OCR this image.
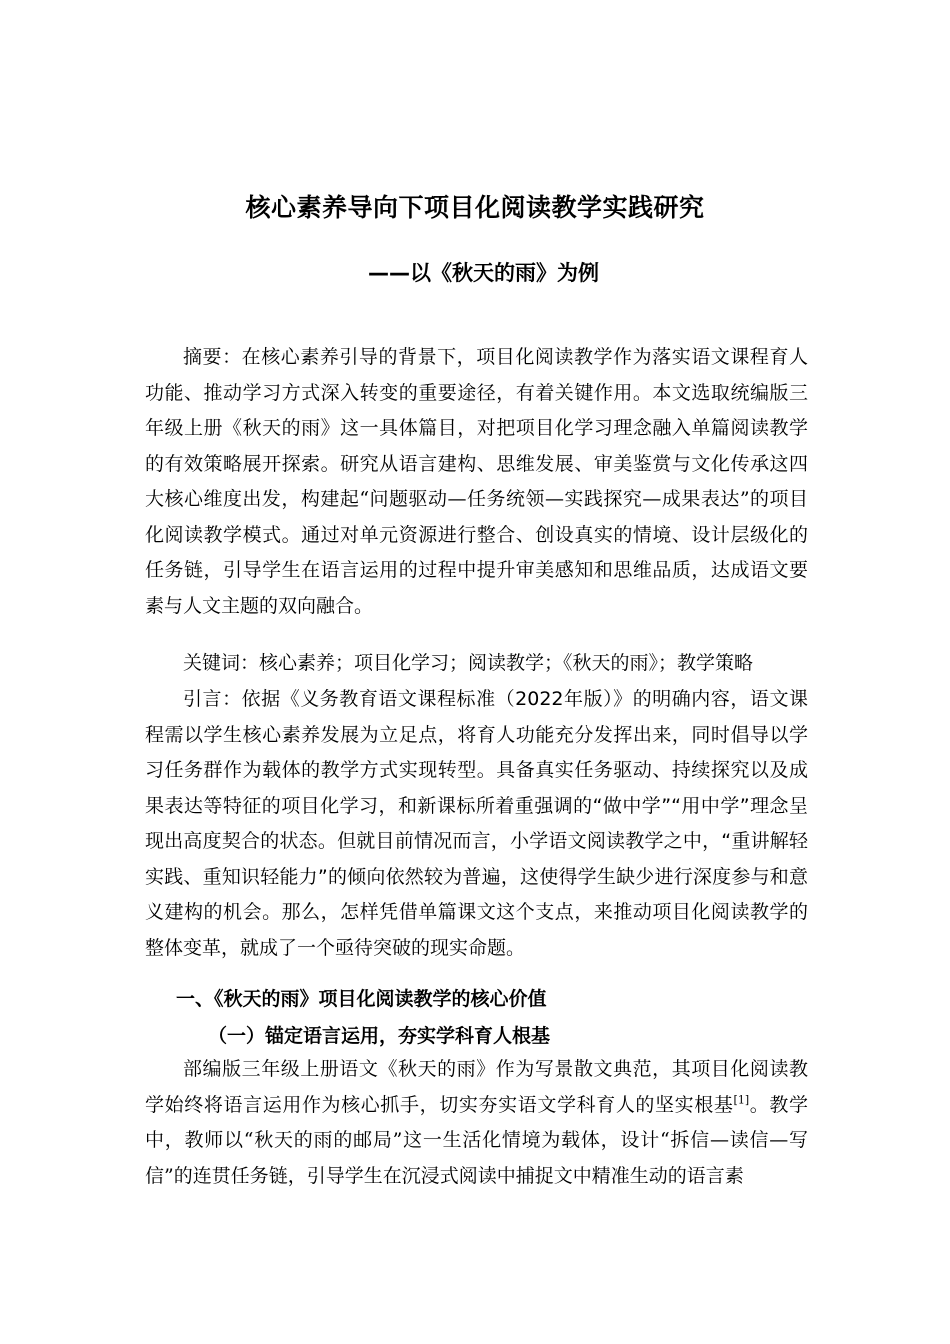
核心素养导向下项目化阅读教学实践研究
——以《秋天的雨》为例

摘要：在核心素养引导的背景下，项目化阅读教学作为落实语文课程育人功能、推动学习方式深入转变的重要途径，有着关键作用。本文选取统编版三年级上册《秋天的雨》这一具体篇目，对把项目化学习理念融入单篇阅读教学的有效策略展开探索。研究从语言建构、思维发展、审美鉴赏与文化传承这四大核心维度出发，构建起“问题驱动—任务统领—实践探究—成果表达”的项目化阅读教学模式。通过对单元资源进行整合、创设真实的情境、设计层级化的任务链，引导学生在语言运用的过程中提升审美感知和思维品质，达成语文要素与人文主题的双向融合。

关键词：核心素养；项目化学习；阅读教学；《秋天的雨》；教学策略

引言：依据《义务教育语文课程标准（2022年版）》的明确内容，语文课程需以学生核心素养发展为立足点，将育人功能充分发挥出来，同时倡导以学习任务群作为载体的教学方式实现转型。具备真实任务驱动、持续探究以及成果表达等特征的项目化学习，和新课标所着重强调的“做中学”“用中学”理念呈现出高度契合的状态。但就目前情况而言，小学语文阅读教学之中，“重讲解轻实践、重知识轻能力”的倾向依然较为普遍，这使得学生缺少进行深度参与和意义建构的机会。那么，怎样凭借单篇课文这个支点，来推动项目化阅读教学的整体变革，就成了一个亟待突破的现实命题。

一、《秋天的雨》项目化阅读教学的核心价值
（一）锚定语言运用，夯实学科育人根基

部编版三年级上册语文《秋天的雨》作为写景散文典范，其项目化阅读教学始终将语言运用作为核心抓手，切实夯实语文学科育人的坚实根基[1]。教学中，教师以“秋天的雨的邮局”这一生活化情境为载体，设计“拆信—读信—写信”的连贯任务链，引导学生在沉浸式阅读中捕捉文中精准生动的语言素
